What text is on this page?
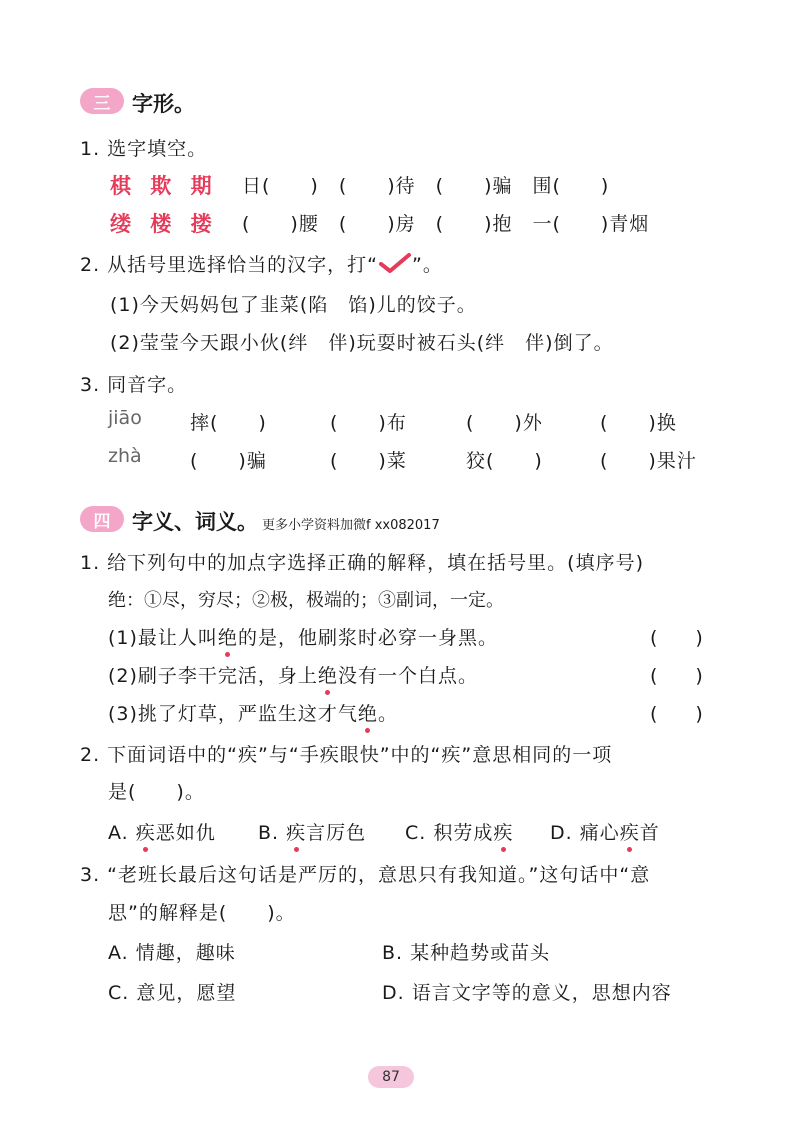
三	字形。
1. 选字填空。
棋 欺 期 日(　　)　(　　)待　(　　)骗　围(　　)
缕 楼 搂 (　　)腰　(　　)房　(　　)抱　一(　　)青烟
2. 从括号里选择恰当的汉字，打“ ”。
(1)今天妈妈包了韭菜(陷　馅)儿的饺子。
(2)莹莹今天跟小伙(绊　伴)玩耍时被石头(绊　伴)倒了。
3. 同音字。
jiāo	摔(　　)	(　　)布	(　　)外	(　　)换
zhà	(　　)骗	(　　)菜	狡(　　)	(　　)果汁
四	字义、词义。 更多小学资料加微f xx082017
1. 给下列句中的加点字选择正确的解释，填在括号里。(填序号)
绝：①尽，穷尽；②极，极端的；③副词，一定。
(1)最让人叫绝的是，他刷浆时必穿一身黑。	(　　)
(2)刷子李干完活，身上绝没有一个白点。	(　　)
(3)挑了灯草，严监生这才气绝。	(　　)
2. 下面词语中的“疾”与“手疾眼快”中的“疾”意思相同的一项
是(　　)。
A. 疾恶如仇 B. 疾言厉色 C. 积劳成疾 D. 痛心疾首
3. “老班长最后这句话是严厉的，意思只有我知道。”这句话中“意
思”的解释是(　　)。
A. 情趣，趣味	B. 某种趋势或苗头
C. 意见，愿望	D. 语言文字等的意义，思想内容
87
